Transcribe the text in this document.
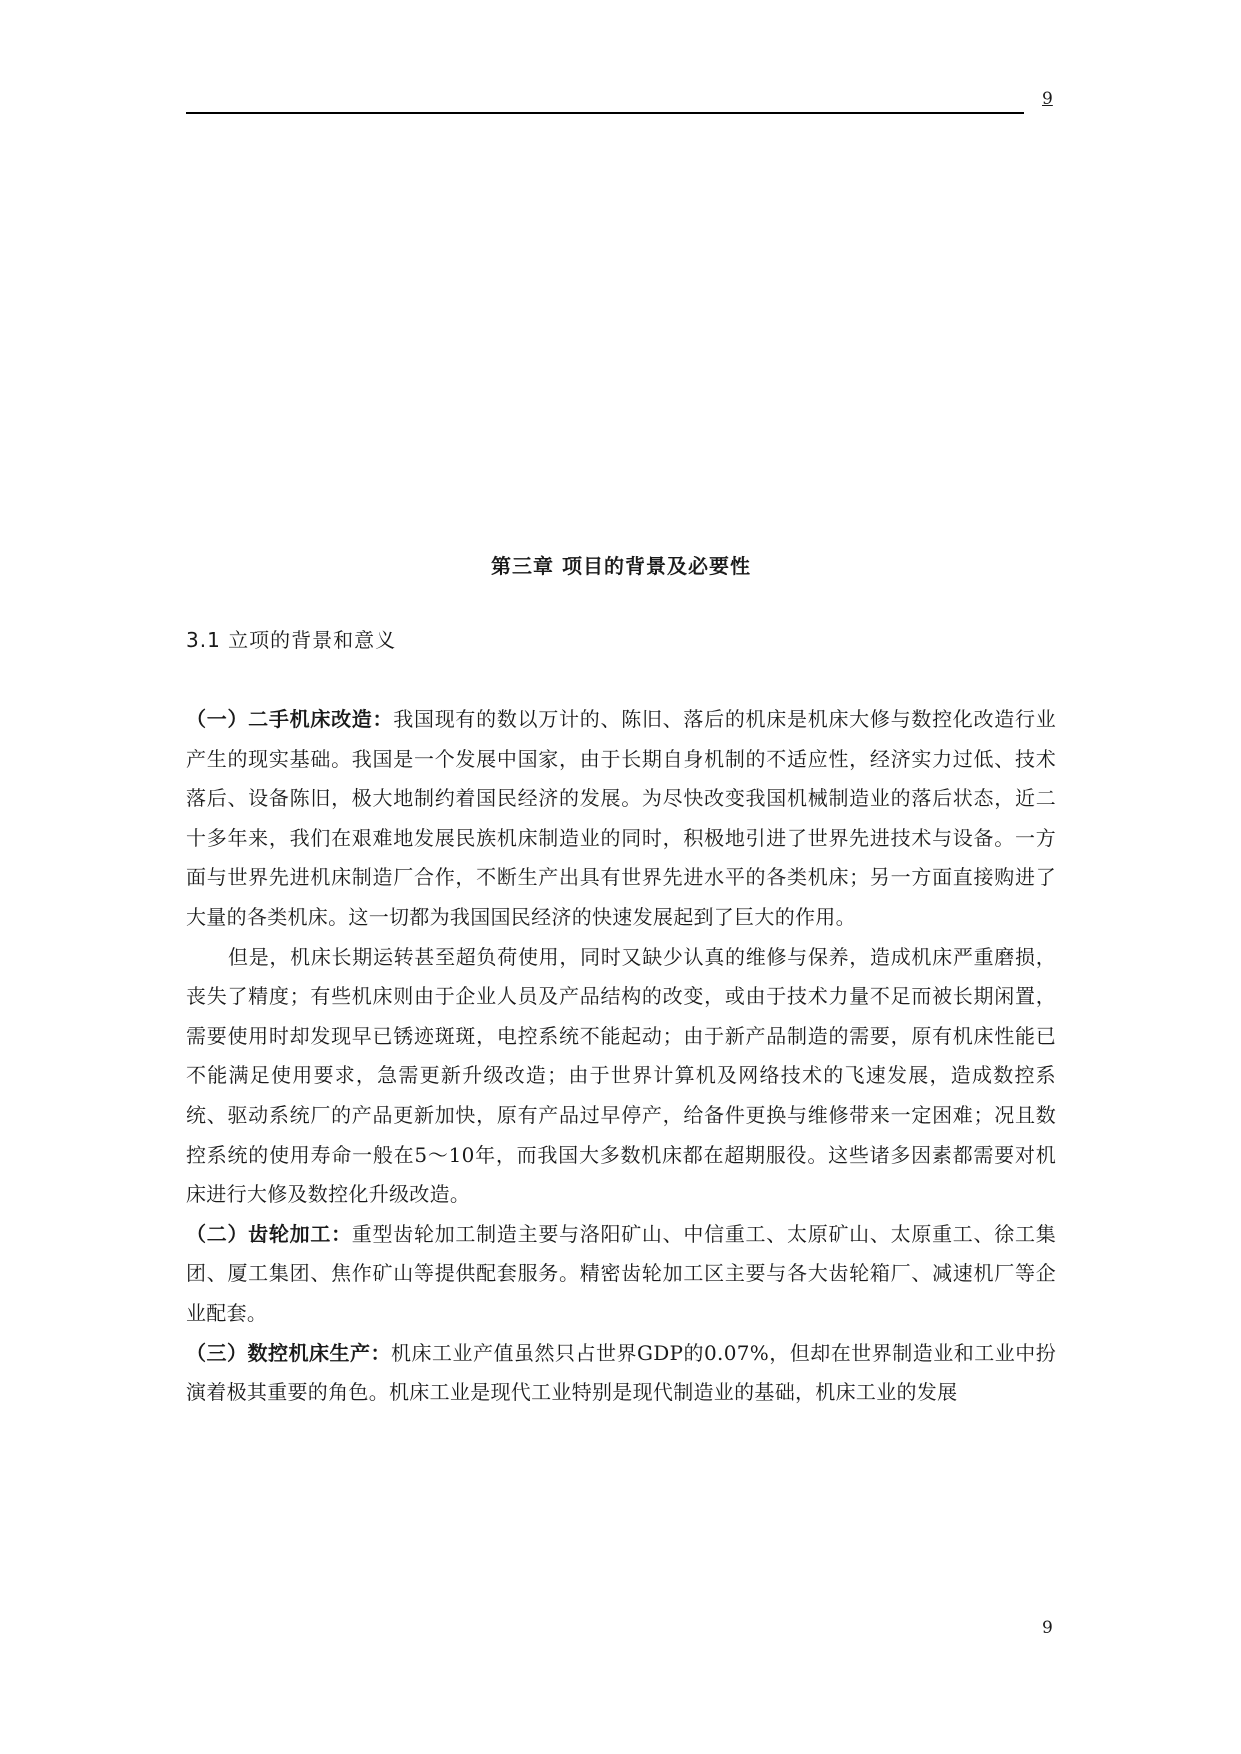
9
第三章 项目的背景及必要性
3.1 立项的背景和意义

（一）二手机床改造：我国现有的数以万计的、陈旧、落后的机床是机床大修与数控化改造行业产生的现实基础。我国是一个发展中国家，由于长期自身机制的不适应性，经济实力过低、技术落后、设备陈旧，极大地制约着国民经济的发展。为尽快改变我国机械制造业的落后状态，近二十多年来，我们在艰难地发展民族机床制造业的同时，积极地引进了世界先进技术与设备。一方面与世界先进机床制造厂合作，不断生产出具有世界先进水平的各类机床；另一方面直接购进了大量的各类机床。这一切都为我国国民经济的快速发展起到了巨大的作用。

但是，机床长期运转甚至超负荷使用，同时又缺少认真的维修与保养，造成机床严重磨损，丧失了精度；有些机床则由于企业人员及产品结构的改变，或由于技术力量不足而被长期闲置，需要使用时却发现早已锈迹斑斑，电控系统不能起动；由于新产品制造的需要，原有机床性能已不能满足使用要求，急需更新升级改造；由于世界计算机及网络技术的飞速发展，造成数控系统、驱动系统厂的产品更新加快，原有产品过早停产，给备件更换与维修带来一定困难；况且数控系统的使用寿命一般在5～10年，而我国大多数机床都在超期服役。这些诸多因素都需要对机床进行大修及数控化升级改造。

（二）齿轮加工：重型齿轮加工制造主要与洛阳矿山、中信重工、太原矿山、太原重工、徐工集团、厦工集团、焦作矿山等提供配套服务。精密齿轮加工区主要与各大齿轮箱厂、减速机厂等企业配套。

（三）数控机床生产：机床工业产值虽然只占世界GDP的0.07%，但却在世界制造业和工业中扮演着极其重要的角色。机床工业是现代工业特别是现代制造业的基础，机床工业的发展

9
